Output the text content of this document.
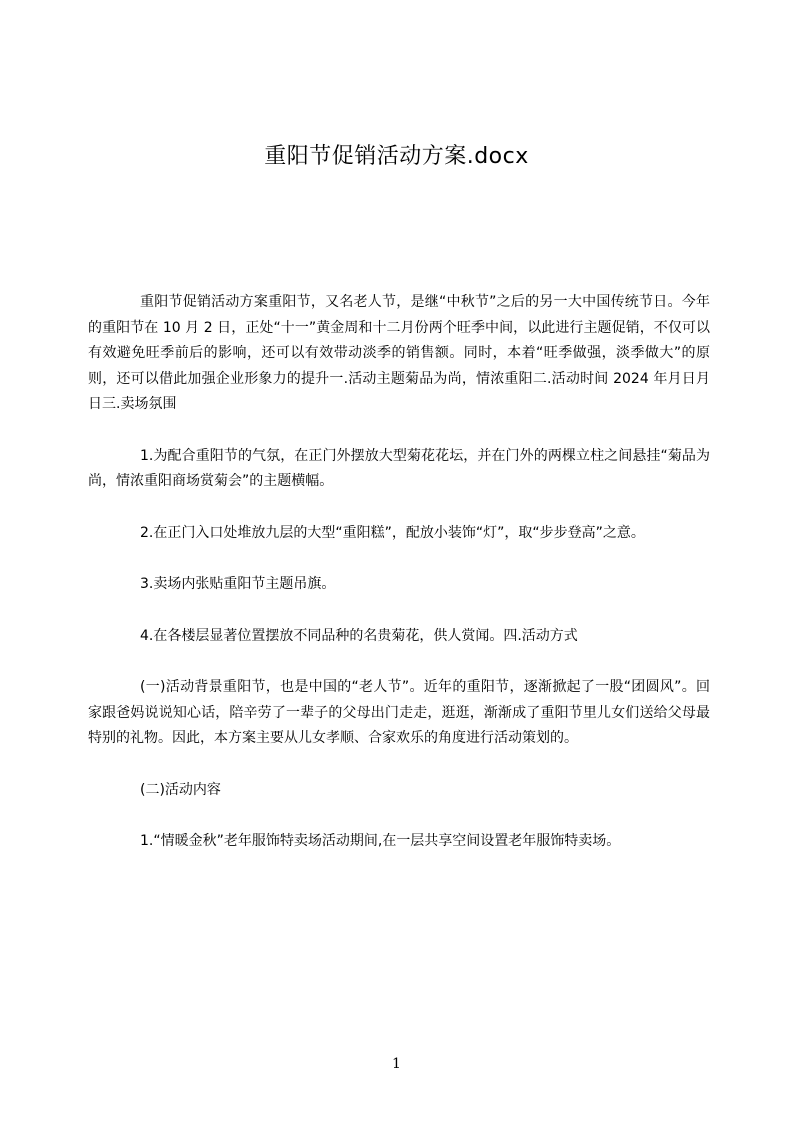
重阳节促销活动方案.docx

重阳节促销活动方案重阳节，又名老人节，是继“中秋节”之后的另一大中国传统节日。今年的重阳节在 10 月 2 日，正处“十一”黄金周和十二月份两个旺季中间，以此进行主题促销，不仅可以有效避免旺季前后的影响，还可以有效带动淡季的销售额。同时，本着“旺季做强，淡季做大”的原则，还可以借此加强企业形象力的提升一.活动主题菊品为尚，情浓重阳二.活动时间 2024 年月日月日三.卖场氛围

1.为配合重阳节的气氛，在正门外摆放大型菊花花坛，并在门外的两棵立柱之间悬挂“菊品为尚，情浓重阳商场赏菊会”的主题横幅。

2.在正门入口处堆放九层的大型“重阳糕”，配放小装饰“灯”，取“步步登高”之意。

3.卖场内张贴重阳节主题吊旗。

4.在各楼层显著位置摆放不同品种的名贵菊花，供人赏闻。四.活动方式

(一)活动背景重阳节，也是中国的“老人节”。近年的重阳节，逐渐掀起了一股“团圆风”。回家跟爸妈说说知心话，陪辛劳了一辈子的父母出门走走，逛逛，渐渐成了重阳节里儿女们送给父母最特别的礼物。因此，本方案主要从儿女孝顺、合家欢乐的角度进行活动策划的。

(二)活动内容

1.“情暖金秋”老年服饰特卖场活动期间,在一层共享空间设置老年服饰特卖场。

1
